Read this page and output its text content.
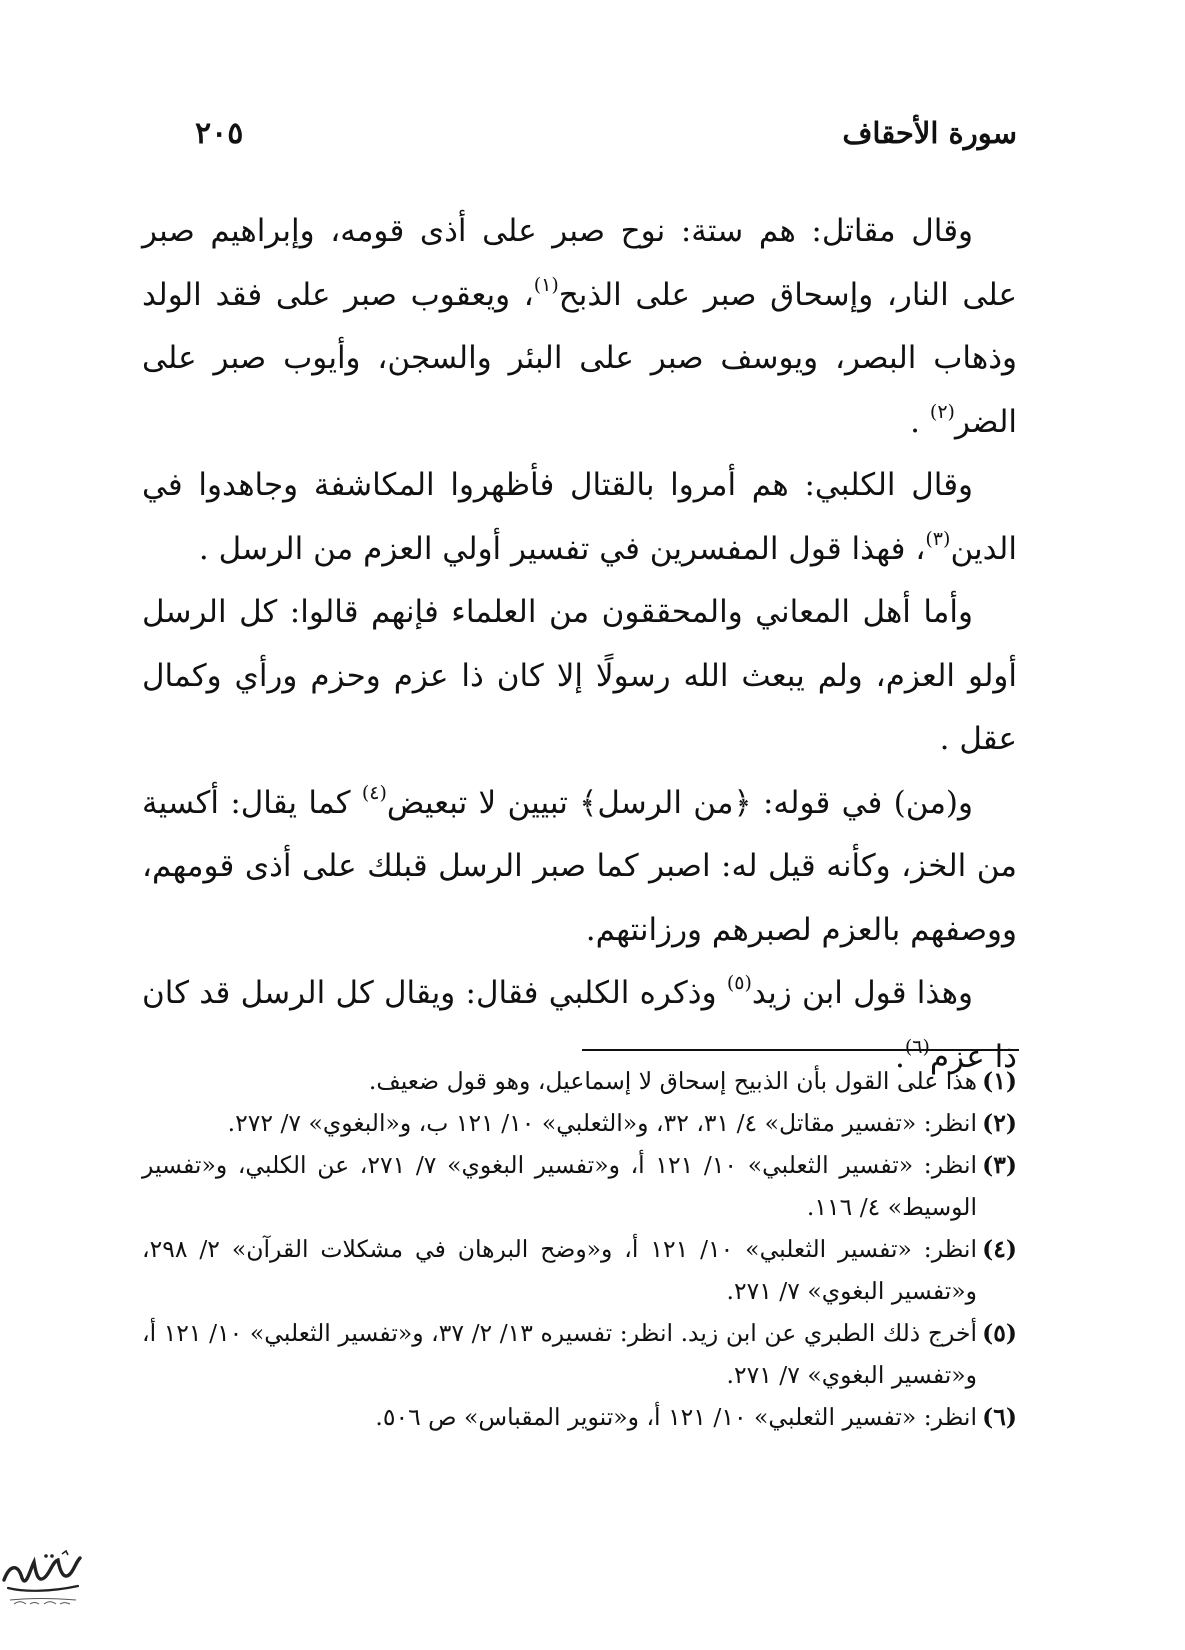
سورة الأحقاف
٢٠٥

وقال مقاتل: هم ستة: نوح صبر على أذى قومه، وإبراهيم صبر على النار، وإسحاق صبر على الذبح$^{(١)}$، ويعقوب صبر على فقد الولد وذهاب البصر، ويوسف صبر على البئر والسجن، وأيوب صبر على الضر$^{(٢)}$ .

وقال الكلبي: هم أمروا بالقتال فأظهروا المكاشفة وجاهدوا في الدين$^{(٣)}$، فهذا قول المفسرين في تفسير أولي العزم من الرسل .

وأما أهل المعاني والمحققون من العلماء فإنهم قالوا: كل الرسل أولو العزم، ولم يبعث الله رسولًا إلا كان ذا عزم وحزم ورأي وكمال عقل .

و(من) في قوله: ﴿من الرسل﴾ تبيين لا تبعيض$^{(٤)}$ كما يقال: أكسية من الخز، وكأنه قيل له: اصبر كما صبر الرسل قبلك على أذى قومهم، ووصفهم بالعزم لصبرهم ورزانتهم.

وهذا قول ابن زيد$^{(٥)}$ وذكره الكلبي فقال: ويقال كل الرسل قد كان ذا عزم$^{(٦)}$.

(١)
هذا على القول بأن الذبيح إسحاق لا إسماعيل، وهو قول ضعيف.
(٢)
انظر: «تفسير مقاتل» ٤/ ٣١، ٣٢، و«الثعلبي» ١٠/ ١٢١ ب، و«البغوي» ٧/ ٢٧٢.
(٣)
انظر: «تفسير الثعلبي» ١٠/ ١٢١ أ، و«تفسير البغوي» ٧/ ٢٧١، عن الكلبي، و«تفسير الوسيط» ٤/ ١١٦.
(٤)
انظر: «تفسير الثعلبي» ١٠/ ١٢١ أ، و«وضح البرهان في مشكلات القرآن» ٢/ ٢٩٨، و«تفسير البغوي» ٧/ ٢٧١.
(٥)
أخرج ذلك الطبري عن ابن زيد. انظر: تفسيره ١٣/ ٢/ ٣٧، و«تفسير الثعلبي» ١٠/ ١٢١ أ، و«تفسير البغوي» ٧/ ٢٧١.
(٦)
انظر: «تفسير الثعلبي» ١٠/ ١٢١ أ، و«تنوير المقباس» ص ٥٠٦.
